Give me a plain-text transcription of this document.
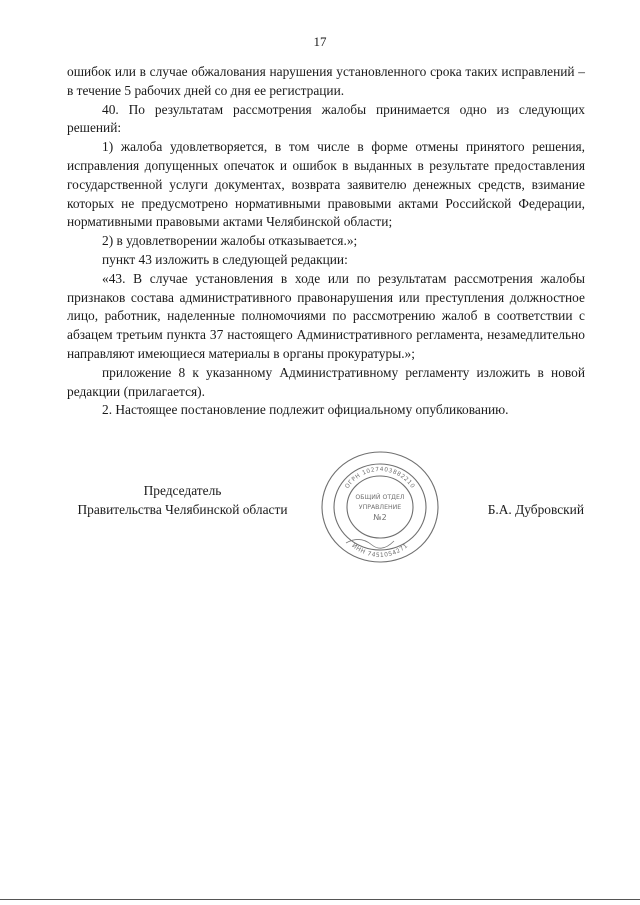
17

ошибок или в случае обжалования нарушения установленного срока таких исправлений – в течение 5 рабочих дней со дня ее регистрации.

40. По результатам рассмотрения жалобы принимается одно из следующих решений:

1) жалоба удовлетворяется, в том числе в форме отмены принятого решения, исправления допущенных опечаток и ошибок в выданных в результате предоставления государственной услуги документах, возврата заявителю денежных средств, взимание которых не предусмотрено нормативными правовыми актами Российской Федерации, нормативными правовыми актами Челябинской области;

2) в удовлетворении жалобы отказывается.»;

пункт 43 изложить в следующей редакции:

«43. В случае установления в ходе или по результатам рассмотрения жалобы признаков состава административного правонарушения или преступления должностное лицо, работник, наделенные полномочиями по рассмотрению жалоб в соответствии с абзацем третьим пункта 37 настоящего Административного регламента, незамедлительно направляют имеющиеся материалы в органы прокуратуры.»;

приложение 8 к указанному Административному регламенту изложить в новой редакции (прилагается).

2. Настоящее постановление подлежит официальному опубликованию.

Председатель
Правительства Челябинской области	Б.А. Дубровский
ОГРН 1027403882210
ИНН 7451054271
ОБЩИЙ ОТДЕЛ
УПРАВЛЕНИЕ
№2
